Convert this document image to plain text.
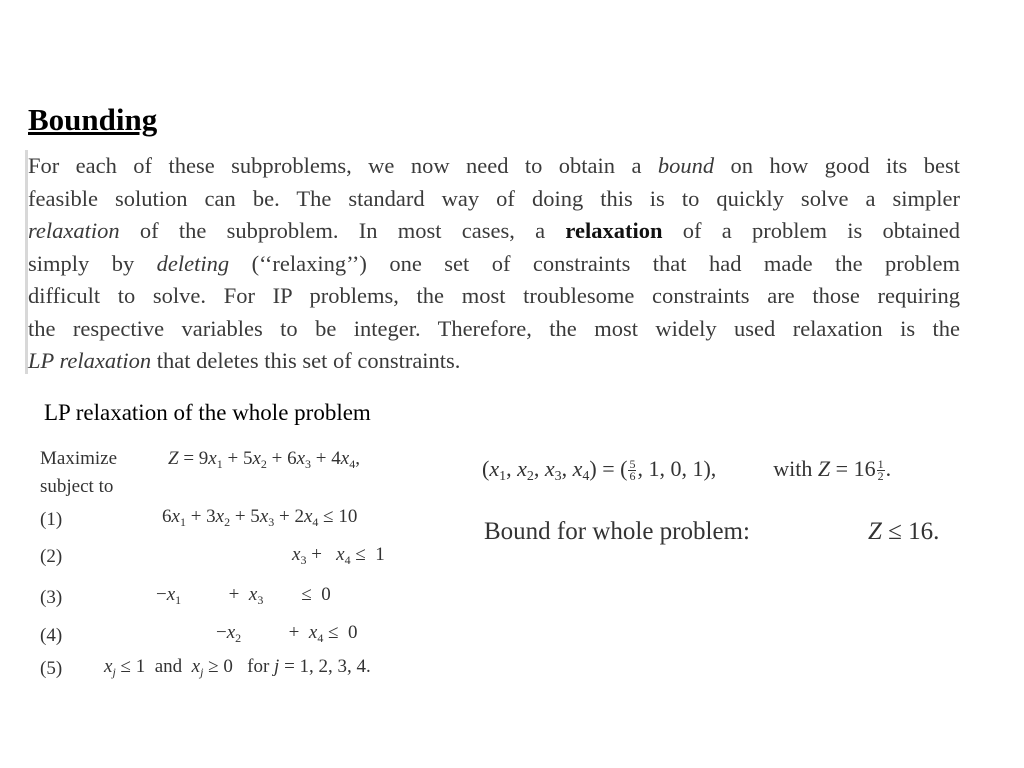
Bounding
For each of these subproblems, we now need to obtain a bound on how good its best
feasible solution can be. The standard way of doing this is to quickly solve a simpler
relaxation of the subproblem. In most cases, a relaxation of a problem is obtained
simply by deleting (‘‘relaxing’’) one set of constraints that had made the problem
difficult to solve. For IP problems, the most troublesome constraints are those requiring
the respective variables to be integer. Therefore, the most widely used relaxation is the
LP relaxation that deletes this set of constraints.
LP relaxation of the whole problem
Maximize	$Z = 9x_1 + 5x_2 + 6x_3 + 4x_4$,
subject to
(1)	$6x_1 + 3x_2 + 5x_3 + 2x_4 \le 10$
(2)	$x_3 + x_4 \le 1$
(3)	$-x_1$          +  $x_3$        ≤  0
(4)	$-x_2$          +  $x_4 \le 0$
(5) $x_j \le 1$  and  $x_j \ge 0$   for j = 1, 2, 3, 4.
($x_1$, $x_2$, $x_3$, $x_4$) = ( $\frac{5}{6}$ , 1, 0, 1),	with $Z = 16 \frac{1}{2}$ .
Bound for whole problem:	Z ≤ 16.
